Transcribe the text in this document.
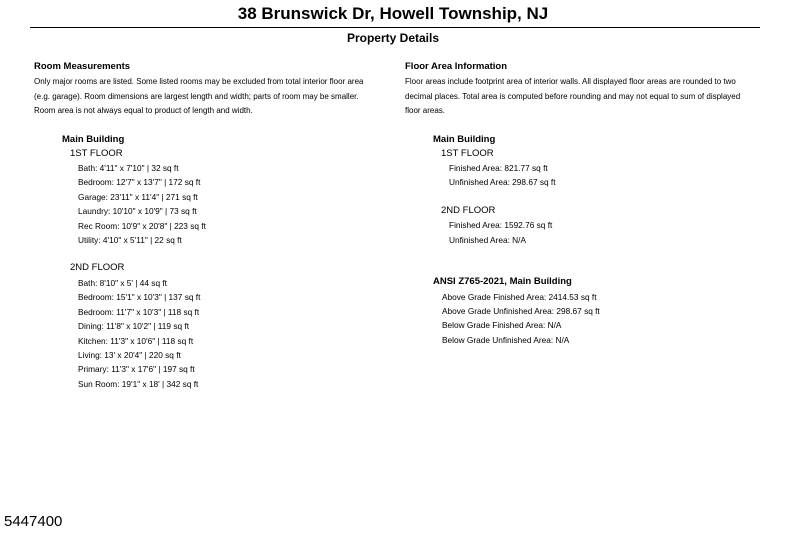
38 Brunswick Dr, Howell Township, NJ
Property Details
Room Measurements
Only major rooms are listed. Some listed rooms may be excluded from total interior floor area
(e.g. garage). Room dimensions are largest length and width; parts of room may be smaller.
Room area is not always equal to product of length and width.
Main Building
1ST FLOOR
Bath: 4'11" x 7'10" | 32 sq ft
Bedroom: 12'7" x 13'7" | 172 sq ft
Garage: 23'11" x 11'4" | 271 sq ft
Laundry: 10'10" x 10'9" | 73 sq ft
Rec Room: 10'9" x 20'8" | 223 sq ft
Utility: 4'10" x 5'11" | 22 sq ft
2ND FLOOR
Bath: 8'10" x 5' | 44 sq ft
Bedroom: 15'1" x 10'3" | 137 sq ft
Bedroom: 11'7" x 10'3" | 118 sq ft
Dining: 11'8" x 10'2" | 119 sq ft
Kitchen: 11'3" x 10'6" | 118 sq ft
Living: 13' x 20'4" | 220 sq ft
Primary: 11'3" x 17'6" | 197 sq ft
Sun Room: 19'1" x 18' | 342 sq ft
Floor Area Information
Floor areas include footprint area of interior walls. All displayed floor areas are rounded to two
decimal places. Total area is computed before rounding and may not equal to sum of displayed
floor areas.
Main Building
1ST FLOOR
Finished Area: 821.77 sq ft
Unfinished Area: 298.67 sq ft
2ND FLOOR
Finished Area: 1592.76 sq ft
Unfinished Area: N/A
ANSI Z765-2021, Main Building
Above Grade Finished Area: 2414.53 sq ft
Above Grade Unfinished Area: 298.67 sq ft
Below Grade Finished Area: N/A
Below Grade Unfinished Area: N/A
5447400
